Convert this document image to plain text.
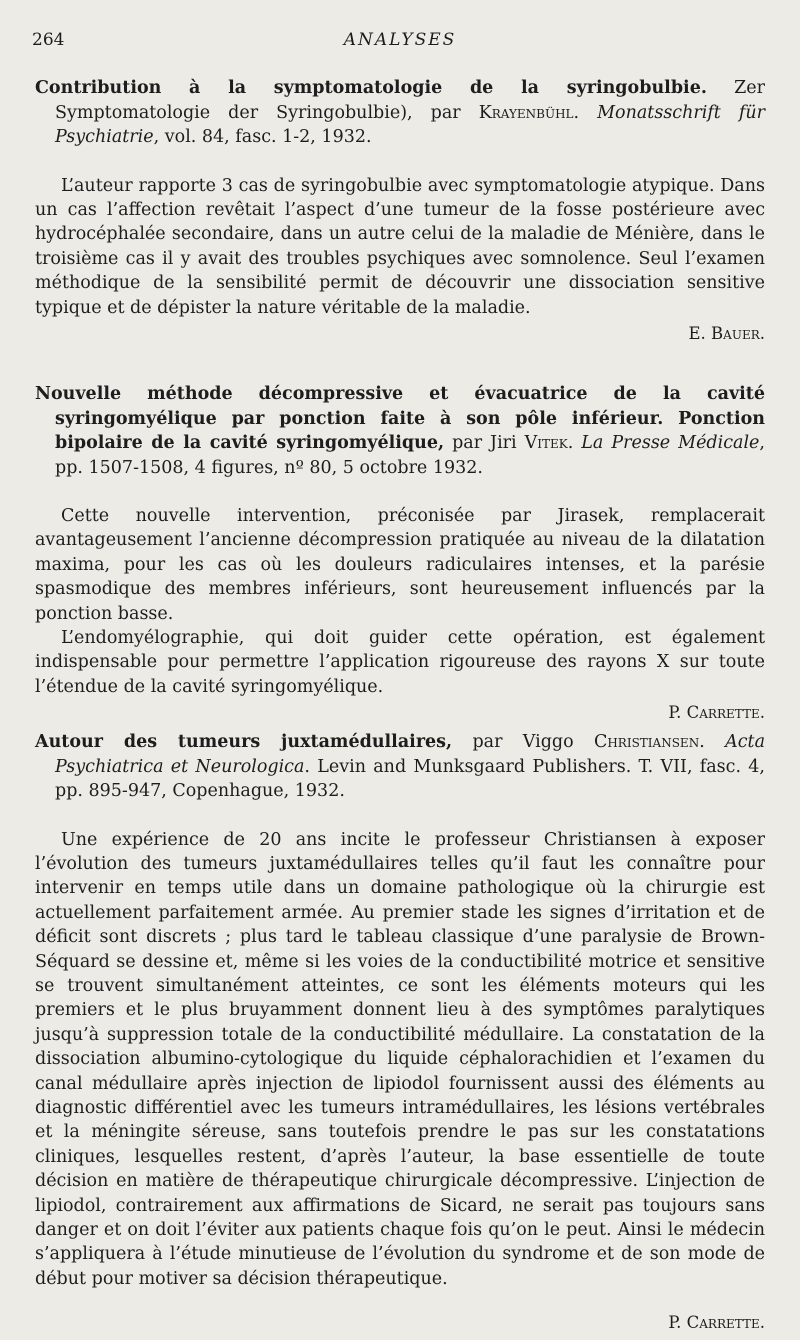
264	ANALYSES

Contribution à la symptomatologie de la syringobulbie. Zer Symptomatologie der Syringobulbie), par Krayenbühl. Monatsschrift für Psychiatrie, vol. 84, fasc. 1-2, 1932.

L’auteur rapporte 3 cas de syringobulbie avec symptomatologie atypique. Dans un cas l’affection revêtait l’aspect d’une tumeur de la fosse postérieure avec hydrocéphalée secondaire, dans un autre celui de la maladie de Ménière, dans le troisième cas il y avait des troubles psychiques avec somnolence. Seul l’examen méthodique de la sensibilité permit de découvrir une dissociation sensitive typique et de dépister la nature véritable de la maladie.

E. Bauer.

Nouvelle méthode décompressive et évacuatrice de la cavité syringomyélique par ponction faite à son pôle inférieur. Ponction bipolaire de la cavité syringomyélique, par Jiri Vitek. La Presse Médicale, pp. 1507-1508, 4 figures, nº 80, 5 octobre 1932.

Cette nouvelle intervention, préconisée par Jirasek, remplacerait avantageusement l’ancienne décompression pratiquée au niveau de la dilatation maxima, pour les cas où les douleurs radiculaires intenses, et la parésie spasmodique des membres inférieurs, sont heureusement influencés par la ponction basse.

L’endomyélographie, qui doit guider cette opération, est également indispensable pour permettre l’application rigoureuse des rayons X sur toute l’étendue de la cavité syringomyélique.

P. Carrette.

Autour des tumeurs juxtamédullaires, par Viggo Christiansen. Acta Psychiatrica et Neurologica. Levin and Munksgaard Publishers. T. VII, fasc. 4, pp. 895-947, Copenhague, 1932.

Une expérience de 20 ans incite le professeur Christiansen à exposer l’évolution des tumeurs juxtamédullaires telles qu’il faut les connaître pour intervenir en temps utile dans un domaine pathologique où la chirurgie est actuellement parfaitement armée. Au premier stade les signes d’irritation et de déficit sont discrets ; plus tard le tableau classique d’une paralysie de Brown-Séquard se dessine et, même si les voies de la conductibilité motrice et sensitive se trouvent simultanément atteintes, ce sont les éléments moteurs qui les premiers et le plus bruyamment donnent lieu à des symptômes paralytiques jusqu’à suppression totale de la conductibilité médullaire. La constatation de la dissociation albumino-cytologique du liquide céphalorachidien et l’examen du canal médullaire après injection de lipiodol fournissent aussi des éléments au diagnostic différentiel avec les tumeurs intramédullaires, les lésions vertébrales et la méningite séreuse, sans toutefois prendre le pas sur les constatations cliniques, lesquelles restent, d’après l’auteur, la base essentielle de toute décision en matière de thérapeutique chirurgicale décompressive. L’injection de lipiodol, contrairement aux affirmations de Sicard, ne serait pas toujours sans danger et on doit l’éviter aux patients chaque fois qu’on le peut. Ainsi le médecin s’appliquera à l’étude minutieuse de l’évolution du syndrome et de son mode de début pour motiver sa décision thérapeutique.

P. Carrette.
